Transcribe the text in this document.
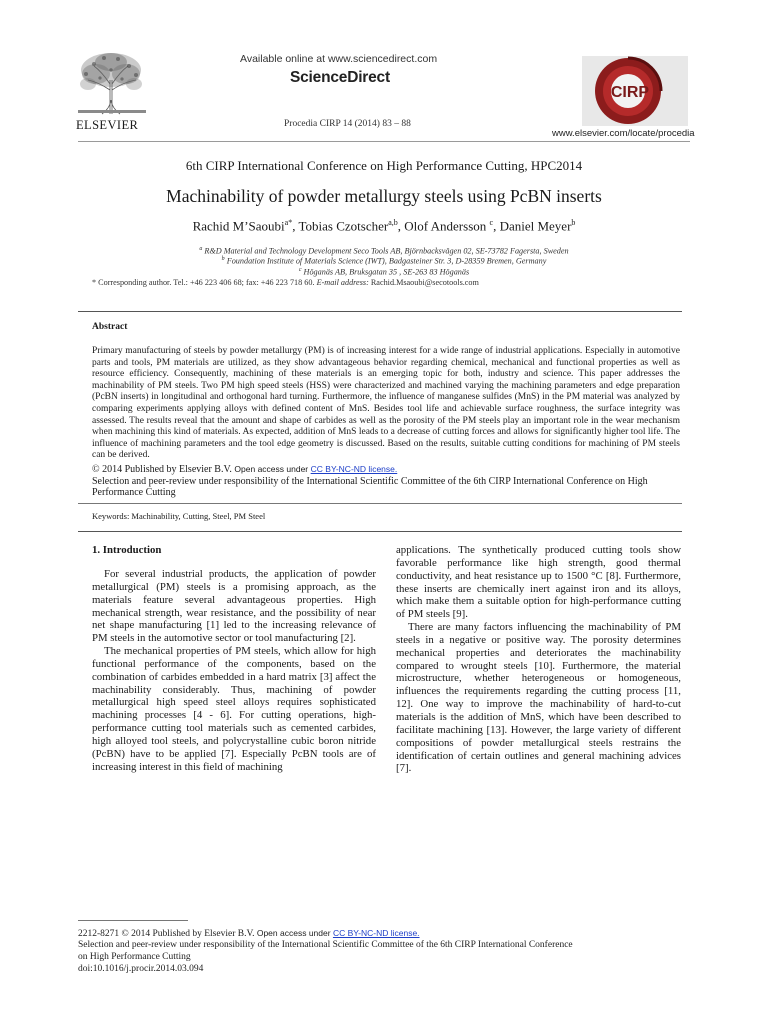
ELSEVIER
Available online at www.sciencedirect.com
ScienceDirect
Procedia CIRP 14 (2014) 83 – 88
CIRP
www.elsevier.com/locate/procedia
6th CIRP International Conference on High Performance Cutting, HPC2014
Machinability of powder metallurgy steels using PcBN inserts
Rachid M’Saoubi$^{a*}$, Tobias Czotscher$^{a,b}$, Olof Andersson $^c$, Daniel Meyer$^b$
$^a$ R&D Material and Technology Development Seco Tools AB, Björnbacksvägen 02, SE-73782 Fagersta, Sweden
$^b$ Foundation Institute of Materials Science (IWT), Badgasteiner Str. 3, D-28359 Bremen, Germany
$^c$ Höganäs AB, Bruksgatan 35 , SE-263 83 Höganäs
* Corresponding author. Tel.: +46 223 406 68; fax: +46 223 718 60. E-mail address: Rachid.Msaoubi@secotools.com
Abstract
Primary manufacturing of steels by powder metallurgy (PM) is of increasing interest for a wide range of industrial applications. Especially in automotive parts and tools, PM materials are utilized, as they show advantageous behavior regarding chemical, mechanical and functional properties as well as resource efficiency. Consequently, machining of these materials is an emerging topic for both, industry and science. This paper addresses the machinability of PM steels. Two PM high speed steels (HSS) were characterized and machined varying the machining parameters and edge preparation (PcBN inserts) in longitudinal and orthogonal hard turning. Furthermore, the influence of manganese sulfides (MnS) in the PM material was analyzed by comparing experiments applying alloys with defined content of MnS. Besides tool life and achievable surface roughness, the surface integrity was assessed. The results reveal that the amount and shape of carbides as well as the porosity of the PM steels play an important role in the wear mechanism when machining this kind of materials. As expected, addition of MnS leads to a decrease of cutting forces and allows for significantly higher tool life. The influence of machining parameters and the tool edge geometry is discussed. Based on the results, suitable cutting conditions for machining of PM steels can be derived.
© 2014 Published by Elsevier B.V. Open access under CC BY-NC-ND license.
Selection and peer-review under responsibility of the International Scientific Committee of the 6th CIRP International Conference on High Performance Cutting
Keywords: Machinability, Cutting, Steel, PM Steel
1. Introduction

For several industrial products, the application of powder metallurgical (PM) steels is a promising approach, as the materials feature several advantageous properties. High mechanical strength, wear resistance, and the possibility of near net shape manufacturing [1] led to the increasing relevance of PM steels in the automotive sector or tool manufacturing [2].

The mechanical properties of PM steels, which allow for high functional performance of the components, based on the combination of carbides embedded in a hard matrix [3] affect the machinability considerably. Thus, machining of powder metallurgical high speed steel alloys requires sophisticated machining processes [4 - 6]. For cutting operations, high-performance cutting tool materials such as cemented carbides, high alloyed tool steels, and polycrystalline cubic boron nitride (PcBN) have to be applied [7]. Especially PcBN tools are of increasing interest in this field of machining

applications. The synthetically produced cutting tools show favorable performance like high strength, good thermal conductivity, and heat resistance up to 1500 °C [8]. Furthermore, these inserts are chemically inert against iron and its alloys, which make them a suitable option for high-performance cutting of PM steels [9].

There are many factors influencing the machinability of PM steels in a negative or positive way. The porosity determines mechanical properties and deteriorates the machinability compared to wrought steels [10]. Furthermore, the material microstructure, whether heterogeneous or homogeneous, influences the requirements regarding the cutting process [11, 12]. One way to improve the machinability of hard-to-cut materials is the addition of MnS, which have been described to facilitate machining [13]. However, the large variety of different compositions of powder metallurgical steels restrains the identification of certain outlines and general machining advices [7].

2212-8271 © 2014 Published by Elsevier B.V. Open access under CC BY-NC-ND license.
Selection and peer-review under responsibility of the International Scientific Committee of the 6th CIRP International Conference
on High Performance Cutting
doi:10.1016/j.procir.2014.03.094
